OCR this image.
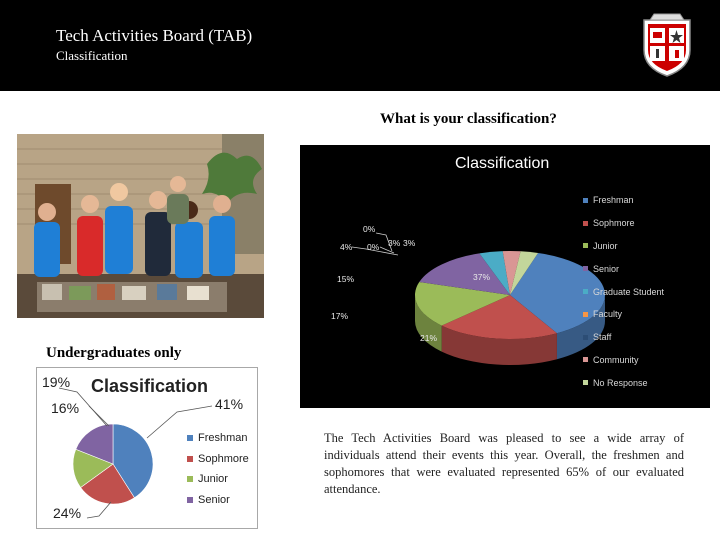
Tech Activities Board (TAB)
Classification
What is your classification?
Undergraduates only
Classification
19%
16%	41%
24%
Freshman
Sophmore
Junior
Senior
Classification
37%
21%
17%
15%
4%
0%
0% 3% 3%
Freshman
Sophmore
Junior
Senior
Graduate Student
Faculty
Staff
Community
No Response
The Tech Activities Board was pleased to see a wide array of individuals attend their events this year. Overall, the freshmen and sophomores that were evaluated represented 65% of our evaluated attendance.
